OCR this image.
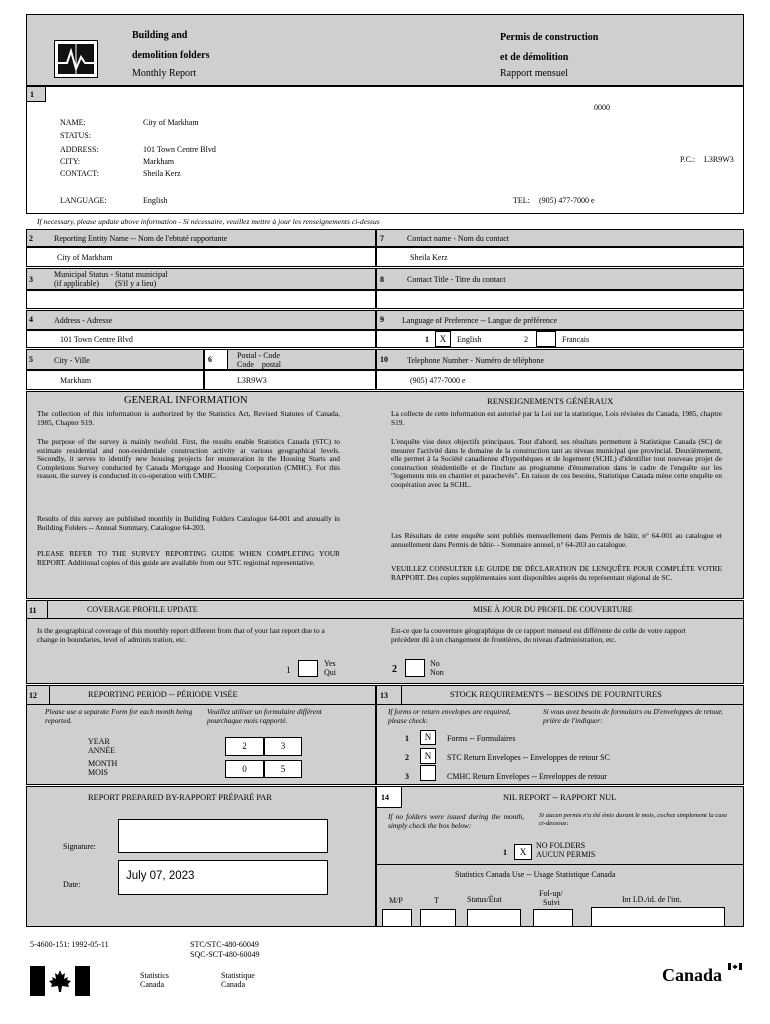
Building and
demolition folders
Monthly Report
Permis de construction
et de démolition
Rapport mensuel
1
0000
NAME:	City of Markham
STATUS:
ADDRESS:	101 Town Centre Blvd
CITY:	Markham
CONTACT:	Sheila Kerz
P.C.: L3R9W3
LANGUAGE:	English	TEL: (905) 477-7000 e
If necessary, please update above information - Si nécessaire, veuillez mettre à jour les renseignements ci-dessus
2	Reporting Entity Name -- Nom de l'ebtuté rapportante
City of Markham
3
Municipal Status - Statut municipal
(if applicable)        (S'il y a lieu)
4	Address - Adresse
101 Town Centre Blvd
5	City - Ville	6	Postal - Code
Code    postal
Markham	L3R9W3
7	Contact name - Nom du contact
Sheila Kerz
8	Contact Title - Titre du contact
9 Language of Preference -- Langue de préférence
1	X	English	2	Francais
10 Telephone Number - Numéro de téléphone
(905) 477-7000 e
GENERAL INFORMATION	RENSEIGNEMENTS GÉNÉRAUX
The collection of this information is authorized by the Statistics Act, Revised Statutes of Canada, 1985, Chapter S19.
The purpose of the survey is mainly twofold. First, the results enable Statistics Canada (STC) to estimate residential and non-residentiale construction activity at various geographical levels. Secondly, it serves to identify new housing projects for enumeration in the Housing Starts and Completions Survey conducted by Canada Mortgage and Housing Corporation (CMHC). For this reason, the survey is conducted in co-operation with CMHC.
Results of this survey are published monthly in Building Folders Catalogue 64-001 and annually in Building Folders -- Annual Summary, Catalogue 64-203.
PLEASE REFER TO THE SURVEY REPORTING GUIDE WHEN COMPLETING YOUR REPORT. Additional copies of this guide are available from our STC regioinal representative.
La collecte de cette information est autorisé par la Loi sur la statistique, Lois révisées du Canada, 1985, chaptre S19.
L'enquête vise deux objectifs principaux. Tout d'abord, ses résultats permettent à Statistique Canada (SC) de mesurer l'activité dans le domaine de la construction tant au niveau municipal que provincial. Deuxièmement, elle permet à la Société canadienne d'hypothèques et de logement (SCHL) d'identifier tout nouveau projet de construction résidentielle et de l'inclure au programme d'énumeration dans le cadre de l'enquête sur les "logements mis en chantier et parachevés". En raison de ces besoins, Statistique Canada mène cette enquête en coopération avec la SCHL.
Les Résultats de cette enquête sont publiés mensuellement dans Permis de bâtir, n° 64-001 au catalogue et annuellement dans Permis de bâtir- - Sommaire annuel, n° 64-203 au catalogue.
VEUILLEZ CONSULTER LE GUIDE DE DÉCLARATION DE LENQUÊTE POUR COMPLÉTE VOTRE RAPPORT. Des copies supplémentaies sont disponibles auprès du représentant régional de SC.
11	COVERAGE PROFILE UPDATE	MISE À JOUR DU PROFIL DE COUVERTURE
Is the geographical coverage of this monthly report different from that of your last report due to a change in boundaries, level of adminis tration, etc.
Est-ce que la couverture géographique de ce rapport menseul est différente de celle de votre rapport précédent dû à un changement de frontières, du niveau d'administration, etc.
1
Yes
Qui	2
No
Non
12	REPORTING PERIOD -- PÉRIODE VISÉE
Please use a separate Form for each month being reported.
Veuillez utiliser un formulaire différent pourchaque mois rapporté.
YEAR
ANNÉE	2	3
MONTH
MOIS	0	5
13	STOCK REQUIREMENTS -- BESOINS DE FOURNITURES
If forms or return envelopes are required, please check:
Si vous avez besoin de formulairs ou D'enveloppes de retour, prière de l'indiquer:
1	N	Forms -- Formulaires
2	N	STC Return Envelopes -- Enveloppes de retour SC
3	CMHC Return Envelopes -- Enveloppes de retour
REPORT PREPARED BY-RAPPORT PRÉPARÉ PAR
Signature:
Date:
July 07, 2023
14	NIL REPORT -- RAPPORT NUL
If no folders were issued during the month, simply check the box below:
Si aucun permis n'a été émis durant le mois, cochez simplement la case ci-dessous:
1	X
NO FOLDERS
AUCUN PERMIS
Statistics Canada Use -- Usage Statistique Canada
M/P	T	Status/État
Fol-up/
Suivi	Int I.D./id. de l'int.
5-4600-151: 1992-05-11	STC/STC-480-60049
SQC-SCT-480-60049
Statistics
Canada
Statistique
Canada	Canada
